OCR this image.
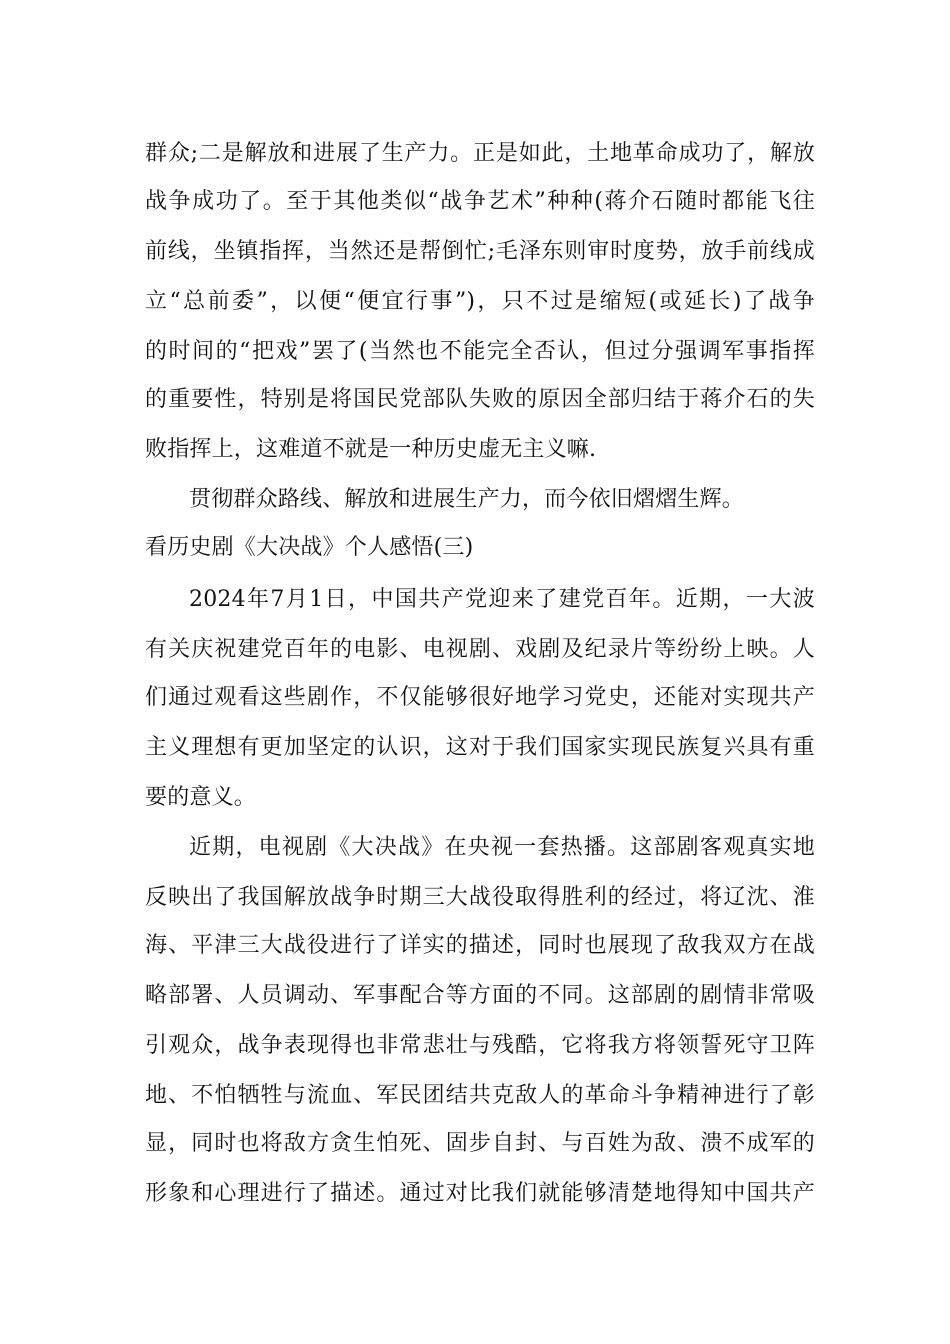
群众;二是解放和进展了生产力。正是如此，土地革命成功了，解放
战争成功了。至于其他类似“战争艺术”种种(蒋介石随时都能飞往
前线，坐镇指挥，当然还是帮倒忙;毛泽东则审时度势，放手前线成
立“总前委”，以便“便宜行事”)，只不过是缩短(或延长)了战争
的时间的“把戏”罢了(当然也不能完全否认，但过分强调军事指挥
的重要性，特别是将国民党部队失败的原因全部归结于蒋介石的失
败指挥上，这难道不就是一种历史虚无主义嘛.
贯彻群众路线、解放和进展生产力，而今依旧熠熠生辉。
看历史剧《大决战》个人感悟(三)
2024年7月1日，中国共产党迎来了建党百年。近期，一大波
有关庆祝建党百年的电影、电视剧、戏剧及纪录片等纷纷上映。人
们通过观看这些剧作，不仅能够很好地学习党史，还能对实现共产
主义理想有更加坚定的认识，这对于我们国家实现民族复兴具有重
要的意义。
近期，电视剧《大决战》在央视一套热播。这部剧客观真实地
反映出了我国解放战争时期三大战役取得胜利的经过，将辽沈、淮
海、平津三大战役进行了详实的描述，同时也展现了敌我双方在战
略部署、人员调动、军事配合等方面的不同。这部剧的剧情非常吸
引观众，战争表现得也非常悲壮与残酷，它将我方将领誓死守卫阵
地、不怕牺牲与流血、军民团结共克敌人的革命斗争精神进行了彰
显，同时也将敌方贪生怕死、固步自封、与百姓为敌、溃不成军的
形象和心理进行了描述。通过对比我们就能够清楚地得知中国共产
